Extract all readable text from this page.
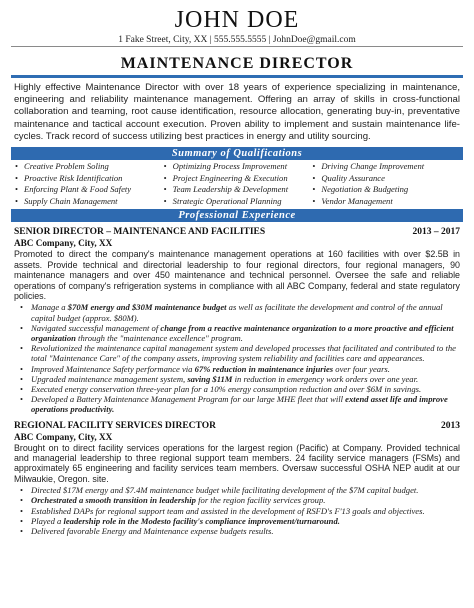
JOHN DOE
1 Fake Street, City, XX | 555.555.5555 | JohnDoe@gmail.com
MAINTENANCE DIRECTOR
Highly effective Maintenance Director with over 18 years of experience specializing in maintenance, engineering and reliability maintenance management. Offering an array of skills in cross-functional collaboration and teaming, root cause identification, resource allocation, generating buy-in, preventative maintenance and tactical account execution. Proven ability to implement and sustain maintenance life-cycles. Track record of success utilizing best practices in energy and utility sourcing.
Summary of Qualifications
• Creative Problem Soling
• Proactive Risk Identification
• Enforcing Plant & Food Safety
• Supply Chain Management
• Optimizing Process Improvement
• Project Engineering & Execution
• Team Leadership & Development
• Strategic Operational Planning
• Driving Change Improvement
• Quality Assurance
• Negotiation & Budgeting
• Vendor Management
Professional Experience
SENIOR DIRECTOR – MAINTENANCE AND FACILITIES	2013 – 2017
ABC Company, City, XX
Promoted to direct the company's maintenance management operations at 160 facilities with over $2.5B in assets. Provide technical and directorial leadership to four regional directors, four regional managers, 90 maintenance managers and over 450 maintenance and technical personnel. Oversee the safe and reliable operations of company's refrigeration systems in compliance with all ABC Company, federal and state regulatory policies.
• Manage a $70M energy and $30M maintenance budget as well as facilitate the development and control of the annual capital budget (approx. $80M).
• Navigated successful management of change from a reactive maintenance organization to a more proactive and efficient organization through the "maintenance excellence" program.
• Revolutionized the maintenance capital management system and developed processes that facilitated and contributed to the total "Maintenance Care" of the company assets, improving system reliability and facilities care and appearances.
• Improved Maintenance Safety performance via 67% reduction in maintenance injuries over four years.
• Upgraded maintenance management system, saving $11M in reduction in emergency work orders over one year.
• Executed energy conservation three-year plan for a 10% energy consumption reduction and over $6M in savings.
• Developed a Battery Maintenance Management Program for our large MHE fleet that will extend asset life and improve operations productivity.
REGIONAL FACILITY SERVICES DIRECTOR	2013
ABC Company, City, XX
Brought on to direct facility services operations for the largest region (Pacific) at Company. Provided technical and managerial leadership to three regional support team members. 24 facility service managers (FSMs) and approximately 65 engineering and facility services team members. Oversaw successful OSHA NEP audit at our Milwaukie, Oregon. site.
• Directed $17M energy and $7.4M maintenance budget while facilitating development of the $7M capital budget.
• Orchestrated a smooth transition in leadership for the region facility services group.
• Established DAPs for regional support team and assisted in the development of RSFD's F'13 goals and objectives.
• Played a leadership role in the Modesto facility's compliance improvement/turnaround.
• Delivered favorable Energy and Maintenance expense budgets results.
